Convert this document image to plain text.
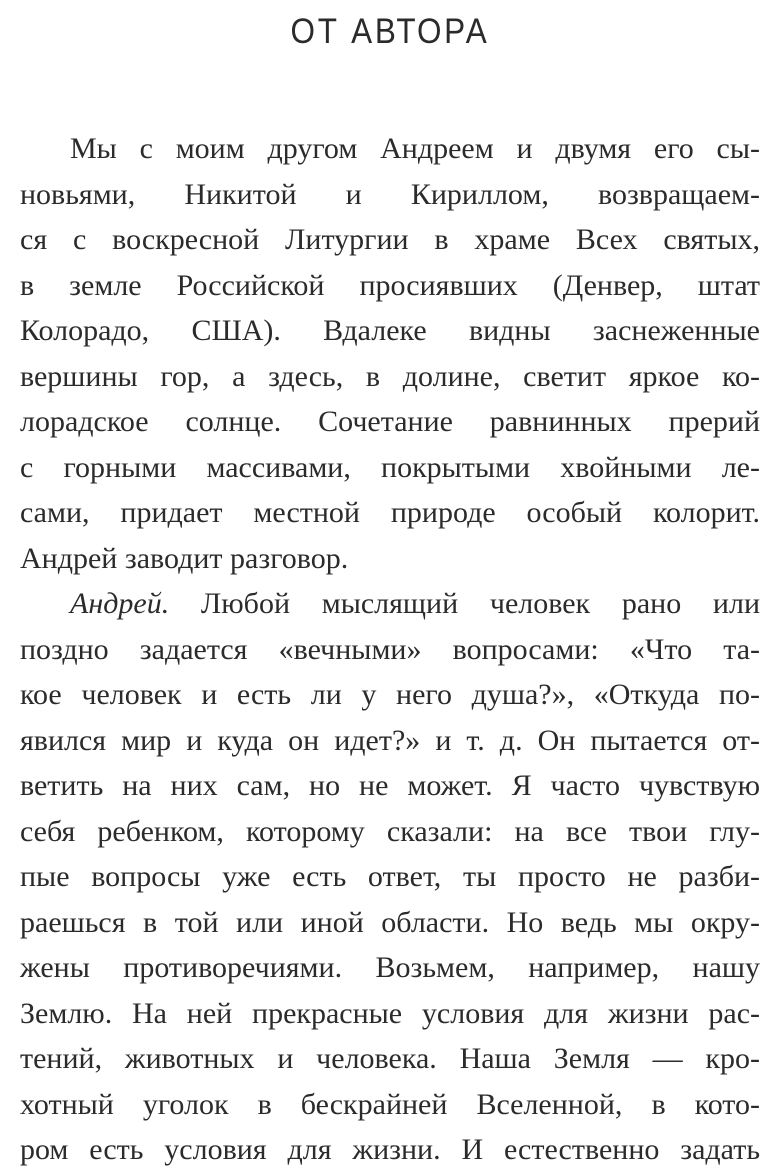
ОТ АВТОРА
Мы с моим другом Андреем и двумя его сы-
новьями, Никитой и Кириллом, возвращаем-
ся с воскресной Литургии в храме Всех святых,
в земле Российской просиявших (Денвер, штат
Колорадо, США). Вдалеке видны заснеженные
вершины гор, а здесь, в долине, светит яркое ко-
лорадское солнце. Сочетание равнинных прерий
с горными массивами, покрытыми хвойными ле-
сами, придает местной природе особый колорит.
Андрей заводит разговор.
Андрей. Любой мыслящий человек рано или
поздно задается «вечными» вопросами: «Что та-
кое человек и есть ли у него душа?», «Откуда по-
явился мир и куда он идет?» и т. д. Он пытается от-
ветить на них сам, но не может. Я часто чувствую
себя ребенком, которому сказали: на все твои глу-
пые вопросы уже есть ответ, ты просто не разби-
раешься в той или иной области. Но ведь мы окру-
жены противоречиями. Возьмем, например, нашу
Землю. На ней прекрасные условия для жизни рас-
тений, животных и человека. Наша Земля — кро-
хотный уголок в бескрайней Вселенной, в кото-
ром есть условия для жизни. И естественно задать
